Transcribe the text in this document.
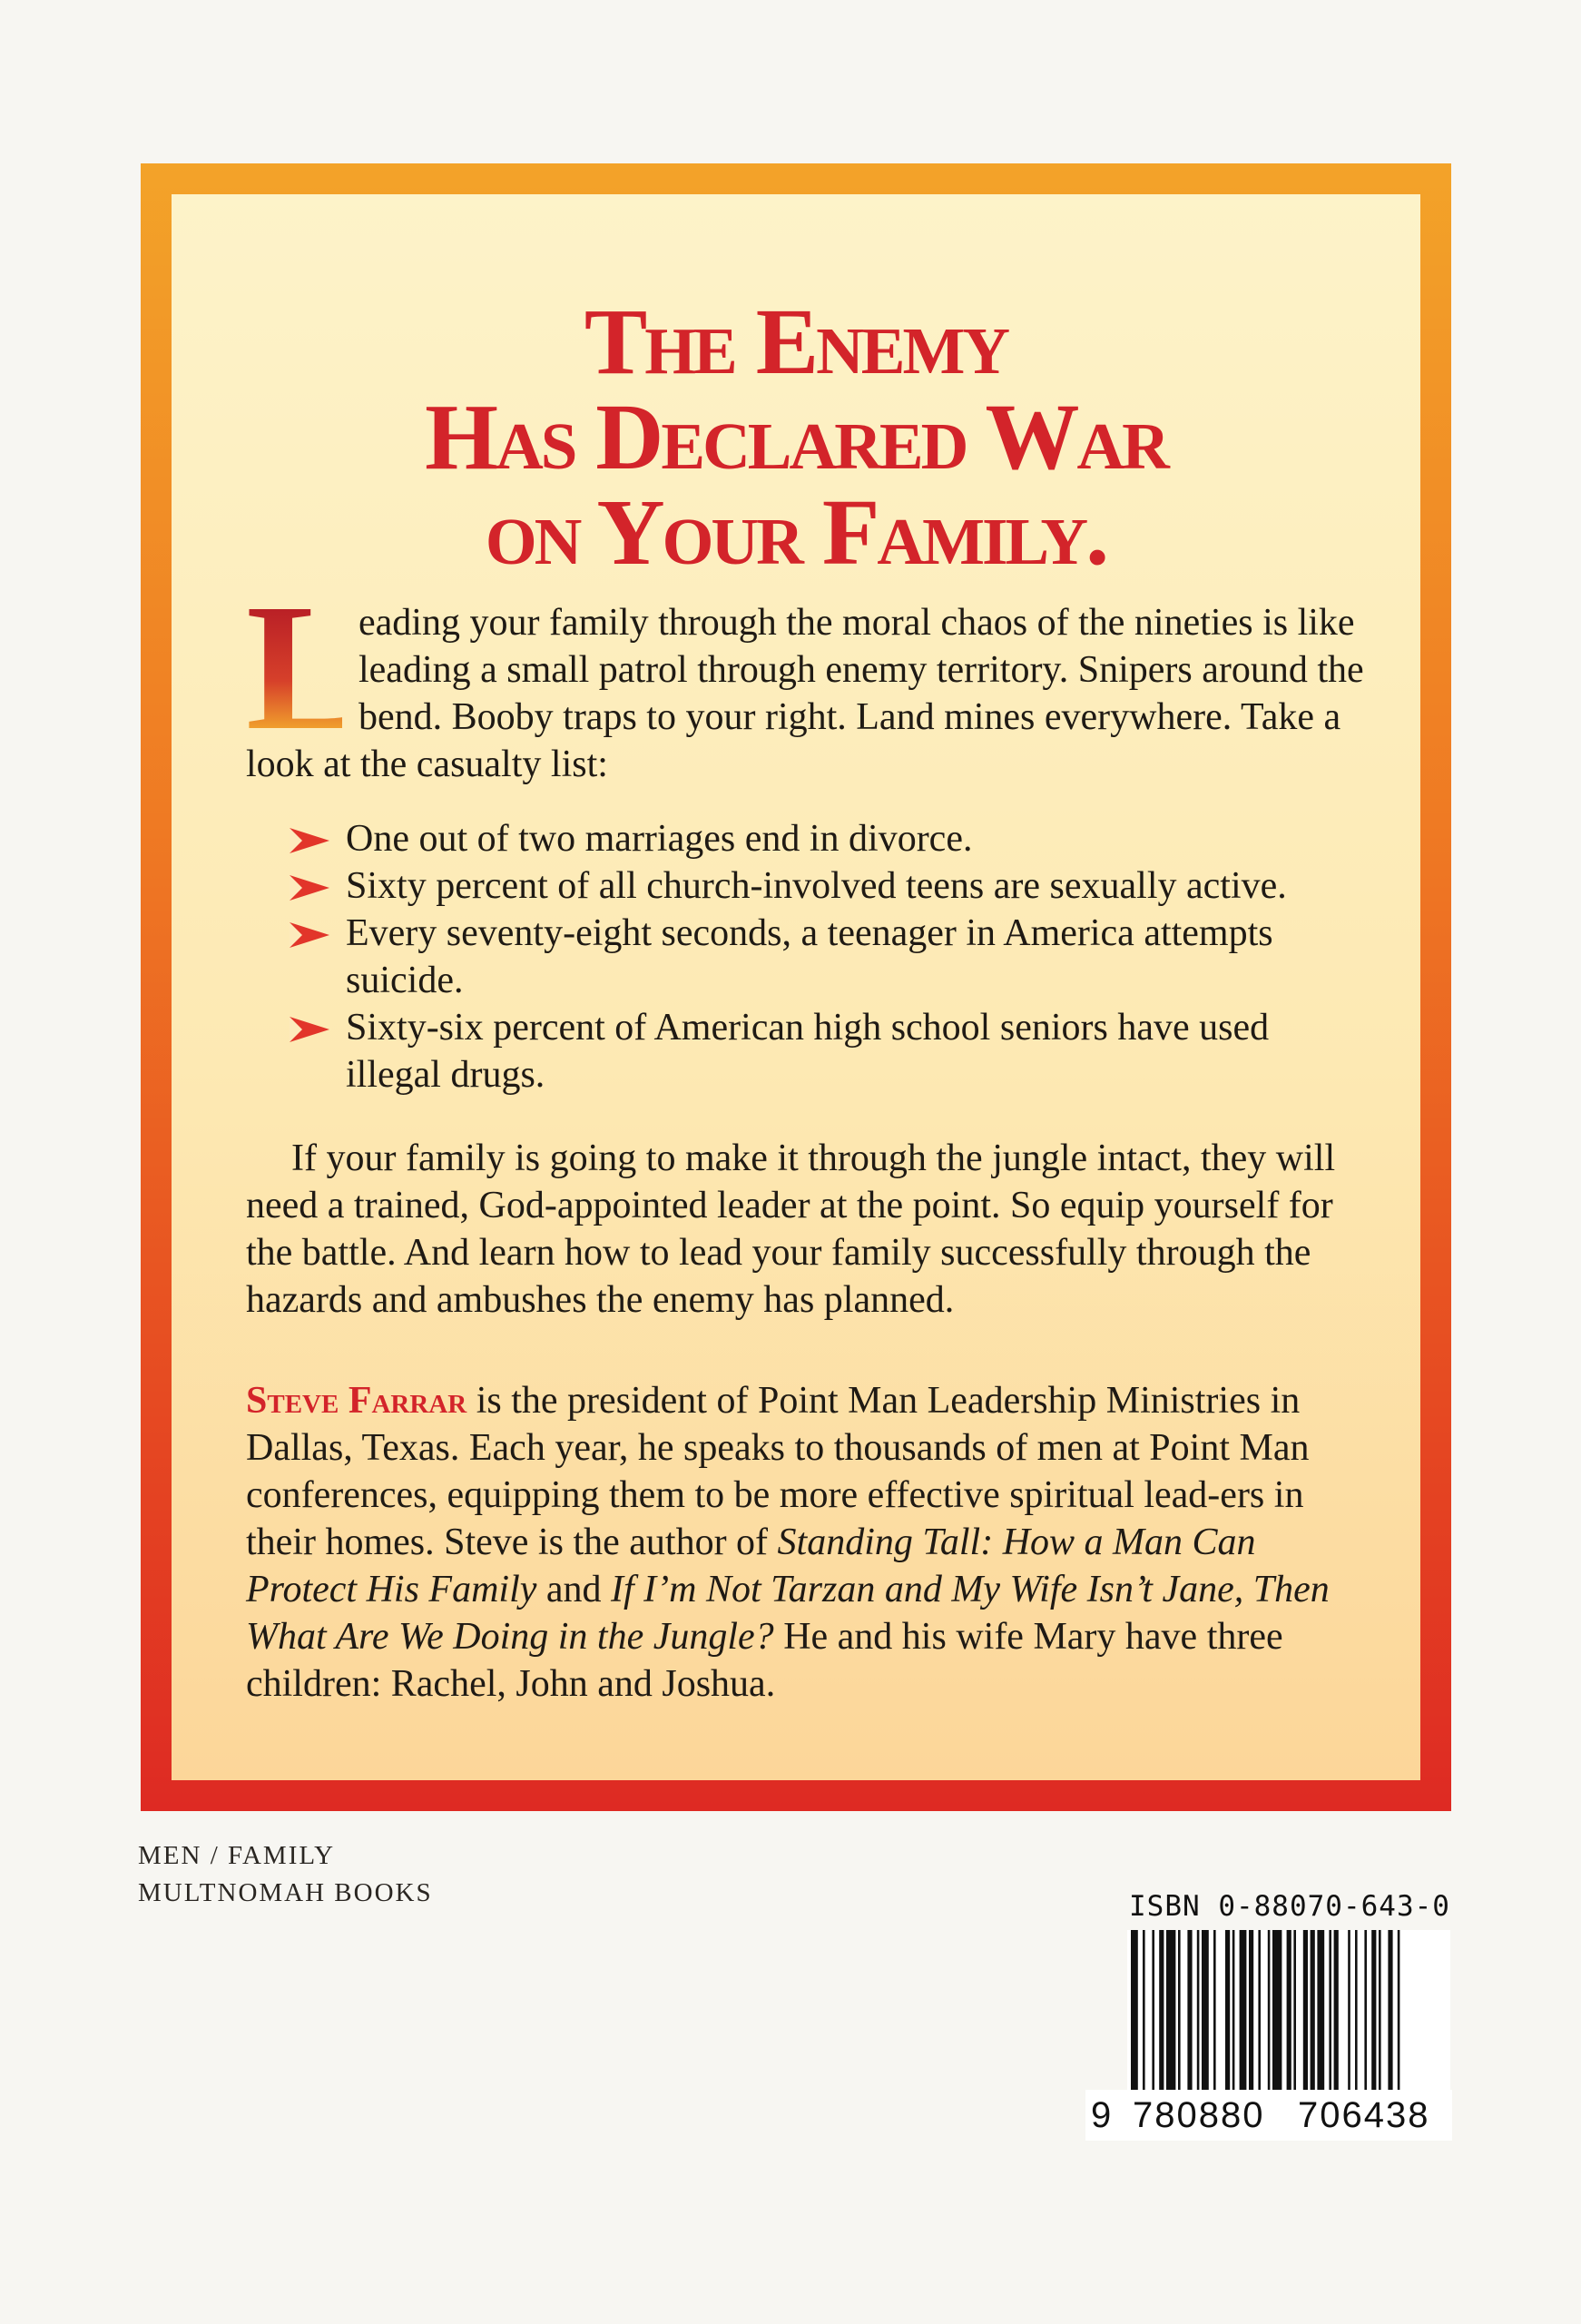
The Enemy
Has Declared War
on Your Family.
L
eading your family through the moral chaos of the nineties is like leading a small patrol through enemy territory. Snipers around the bend. Booby traps to your right. Land mines everywhere. Take a look at the casualty list:
One out of two marriages end in divorce.
Sixty percent of all church-involved teens are sexually active.
Every seventy-eight seconds, a teenager in America attempts suicide.
Sixty-six percent of American high school seniors have used illegal drugs.
If your family is going to make it through the jungle intact, they will need a trained, God-appointed leader at the point. So equip yourself for the battle. And learn how to lead your family successfully through the hazards and ambushes the enemy has planned.
Steve Farrar is the president of Point Man Leadership Ministries in Dallas, Texas. Each year, he speaks to thousands of men at Point Man conferences, equipping them to be more effective spiritual lead-ers in their homes. Steve is the author of Standing Tall: How a Man Can Protect His Family and If I’m Not Tarzan and My Wife Isn’t Jane, Then What Are We Doing in the Jungle? He and his wife Mary have three children: Rachel, John and Joshua.
MEN / FAMILY
MULTNOMAH BOOKS	ISBN 0-88070-643-0
9 780880 706438
